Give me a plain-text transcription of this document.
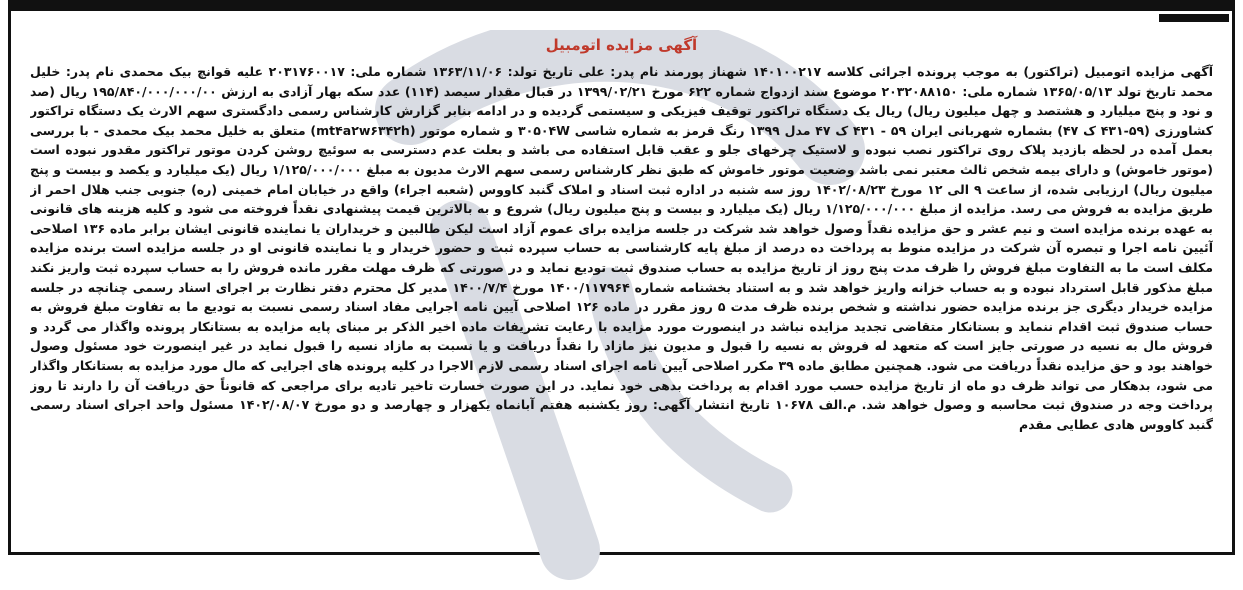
آگهی مزایده اتومبیل
آگهی مزایده اتومبیل (تراکتور) به موجب پرونده اجرائی کلاسه ۱۴۰۱۰۰۲۱۷ شهناز پورمند نام پدر: علی تاریخ تولد: ۱۳۶۳/۱۱/۰۶ شماره ملی: ۲۰۳۱۷۶۰۰۱۷ علیه قوانچ بیک محمدی نام پدر: خلیل محمد تاریخ تولد ۱۳۶۵/۰۵/۱۳ شماره ملی: ۲۰۳۲۰۸۸۱۵۰ موضوع سند ازدواج شماره ۶۲۲ مورخ ۱۳۹۹/۰۲/۲۱ در قبال مقدار سیصد (۱۱۴) عدد سکه بهار آزادی به ارزش ۱۹۵/۸۴۰/۰۰۰/۰۰۰/۰۰ ریال (صد و نود و پنج میلیارد و هشتصد و چهل میلیون ریال) ریال یک دستگاه تراکتور توقیف فیزیکی و سیستمی گردیده و در ادامه بنابر گزارش کارشناس رسمی دادگستری سهم الارث یک دستگاه تراکتور کشاورزی (۵۹-۴۳۱ ک ۴۷) بشماره شهربانی ایران ۵۹ - ۴۳۱ ک ۴۷ مدل ۱۳۹۹ رنگ قرمز به شماره شاسی ۳۰۵۰۴W و شماره موتور (mt۴a۲w۶۳۴۲h) متعلق به خلیل محمد بیک محمدی - با بررسی بعمل آمده در لحظه بازدید پلاک روی تراکتور نصب نبوده و لاستیک چرخهای جلو و عقب قابل استفاده می باشد و بعلت عدم دسترسی به سوئیچ روشن کردن موتور تراکتور مقدور نبوده است (موتور خاموش) و دارای بیمه شخص ثالث معتبر نمی باشد وضعیت موتور خاموش که طبق نظر کارشناس رسمی سهم الارث مدیون به مبلغ ۱/۱۲۵/۰۰۰/۰۰۰ ریال (یک میلیارد و یکصد و بیست و پنج میلیون ریال) ارزیابی شده، از ساعت ۹ الی ۱۲ مورخ ۱۴۰۲/۰۸/۲۳ روز سه شنبه در اداره ثبت اسناد و املاک گنبد کاووس (شعبه اجراء) واقع در خیابان امام خمینی (ره) جنوبی جنب هلال احمر از طریق مزایده به فروش می رسد. مزایده از مبلغ ۱/۱۲۵/۰۰۰/۰۰۰ ریال (یک میلیارد و بیست و پنج میلیون ریال) شروع و به بالاترین قیمت پیشنهادی نقداً فروخته می شود و کلیه هزینه های قانونی به عهده برنده مزایده است و نیم عشر و حق مزایده نقداً وصول خواهد شد شرکت در جلسه مزایده برای عموم آزاد است لیکن طالبین و خریداران یا نماینده قانونی ایشان برابر ماده ۱۳۶ اصلاحی آئیین نامه اجرا و تبصره آن شرکت در مزایده منوط به پرداخت ده درصد از مبلغ پایه کارشناسی به حساب سپرده ثبت و حضور خریدار و یا نماینده قانونی او در جلسه مزایده است برنده مزایده مکلف است ما به التفاوت مبلغ فروش را ظرف مدت پنج روز از تاریخ مزایده به حساب صندوق ثبت تودیع نماید و در صورتی که ظرف مهلت مقرر مانده فروش را به حساب سپرده ثبت واریز نکند مبلغ مذکور قابل استرداد نبوده و به حساب خزانه واریز خواهد شد و به استناد بخشنامه شماره ۱۴۰۰/۱۱۷۹۶۴ مورخ ۱۴۰۰/۷/۴ مدیر کل محترم دفتر نظارت بر اجرای اسناد رسمی چنانچه در جلسه مزایده خریدار دیگری جز برنده مزایده حضور نداشته و شخص برنده ظرف مدت ۵ روز مقرر در ماده ۱۲۶ اصلاحی آیین نامه اجرایی مفاد اسناد رسمی نسبت به تودیع ما به تفاوت مبلغ فروش به حساب صندوق ثبت اقدام ننماید و بستانکار متقاضی تجدید مزایده نباشد در اینصورت مورد مزایده با رعایت تشریفات ماده اخیر الذکر بر مبنای پایه مزایده به بستانکار پرونده واگذار می گردد و فروش مال به نسیه در صورتی جایز است که متعهد له فروش به نسیه را قبول و مدیون نیز مازاد را نقداً دریافت و یا نسبت به مازاد نسیه را قبول نماید در غیر اینصورت خود مسئول وصول خواهند بود و حق مزایده نقداً دریافت می شود. همچنین مطابق ماده ۳۹ مکرر اصلاحی آیین نامه اجرای اسناد رسمی لازم الاجرا در کلیه پرونده های اجرایی که مال مورد مزایده به بستانکار واگذار می شود، بدهکار می تواند ظرف دو ماه از تاریخ مزایده حسب مورد اقدام به پرداخت بدهی خود نماید. در این صورت خسارت تاخیر تادیه برای مراجعی که قانوناً حق دریافت آن را دارند تا روز پرداخت وجه در صندوق ثبت محاسبه و وصول خواهد شد. م.الف ۱۰۶۷۸ تاریخ انتشار آگهی: روز یکشنبه هفتم آبانماه یکهزار و چهارصد و دو مورخ ۱۴۰۲/۰۸/۰۷ مسئول واحد اجرای اسناد رسمی گنبد کاووس هادی عطایی مقدم
